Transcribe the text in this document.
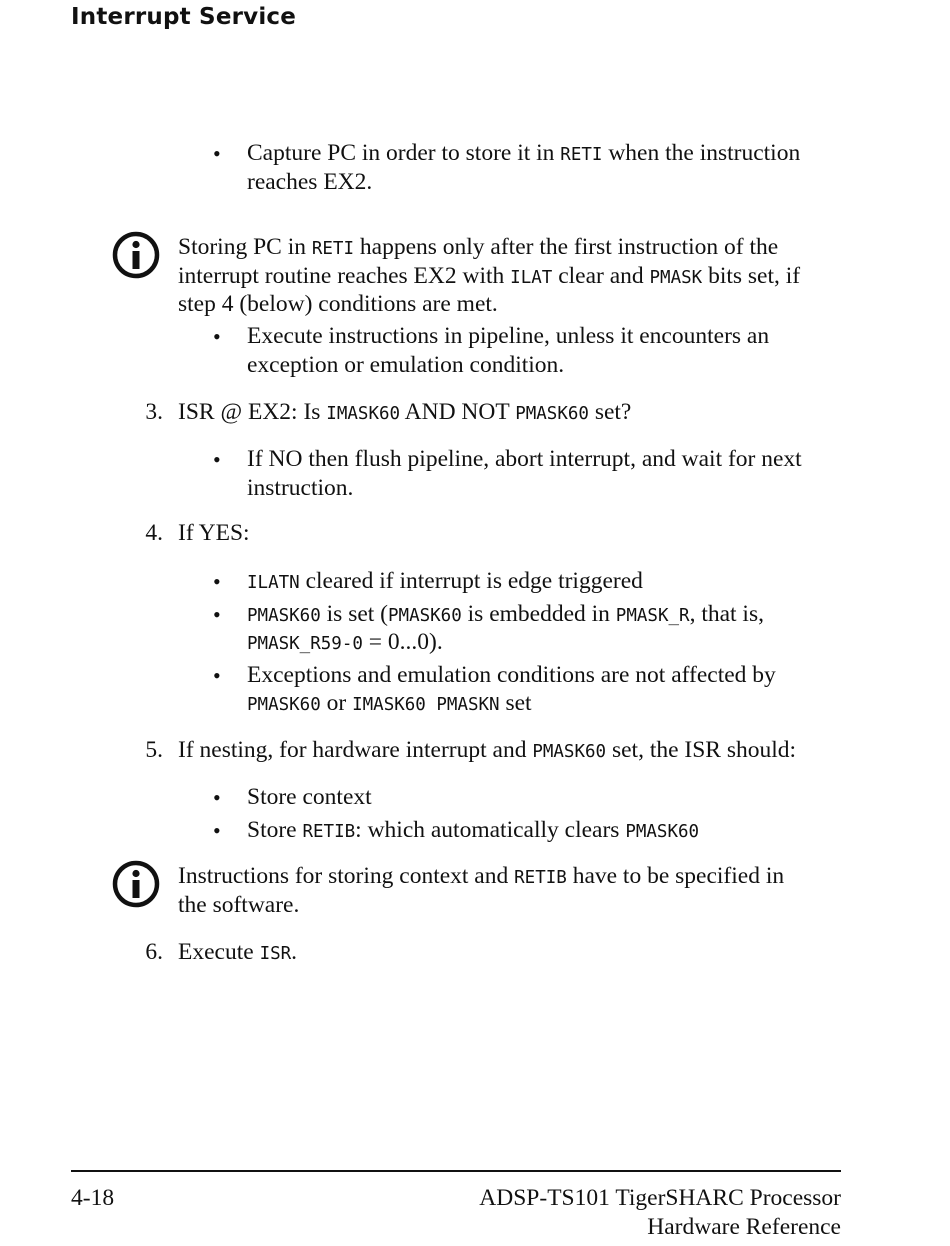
Interrupt Service
• Capture PC in order to store it in RETI when the instruction
reaches EX2.
Storing PC in RETI happens only after the first instruction of the
interrupt routine reaches EX2 with ILAT clear and PMASK bits set, if
step 4 (below) conditions are met.
• Execute instructions in pipeline, unless it encounters an
exception or emulation condition.
3. ISR @ EX2: Is IMASK60 AND NOT PMASK60 set?
• If NO then flush pipeline, abort interrupt, and wait for next
instruction.
4. If YES:
• ILATN cleared if interrupt is edge triggered
• PMASK60 is set (PMASK60 is embedded in PMASK_R, that is,
PMASK_R59-0 = 0...0).
• Exceptions and emulation conditions are not affected by
PMASK60 or IMASK60 PMASKN set
5. If nesting, for hardware interrupt and PMASK60 set, the ISR should:
• Store context
• Store RETIB: which automatically clears PMASK60
Instructions for storing context and RETIB have to be specified in
the software.
6. Execute ISR.
4-18	ADSP-TS101 TigerSHARC Processor
Hardware Reference
